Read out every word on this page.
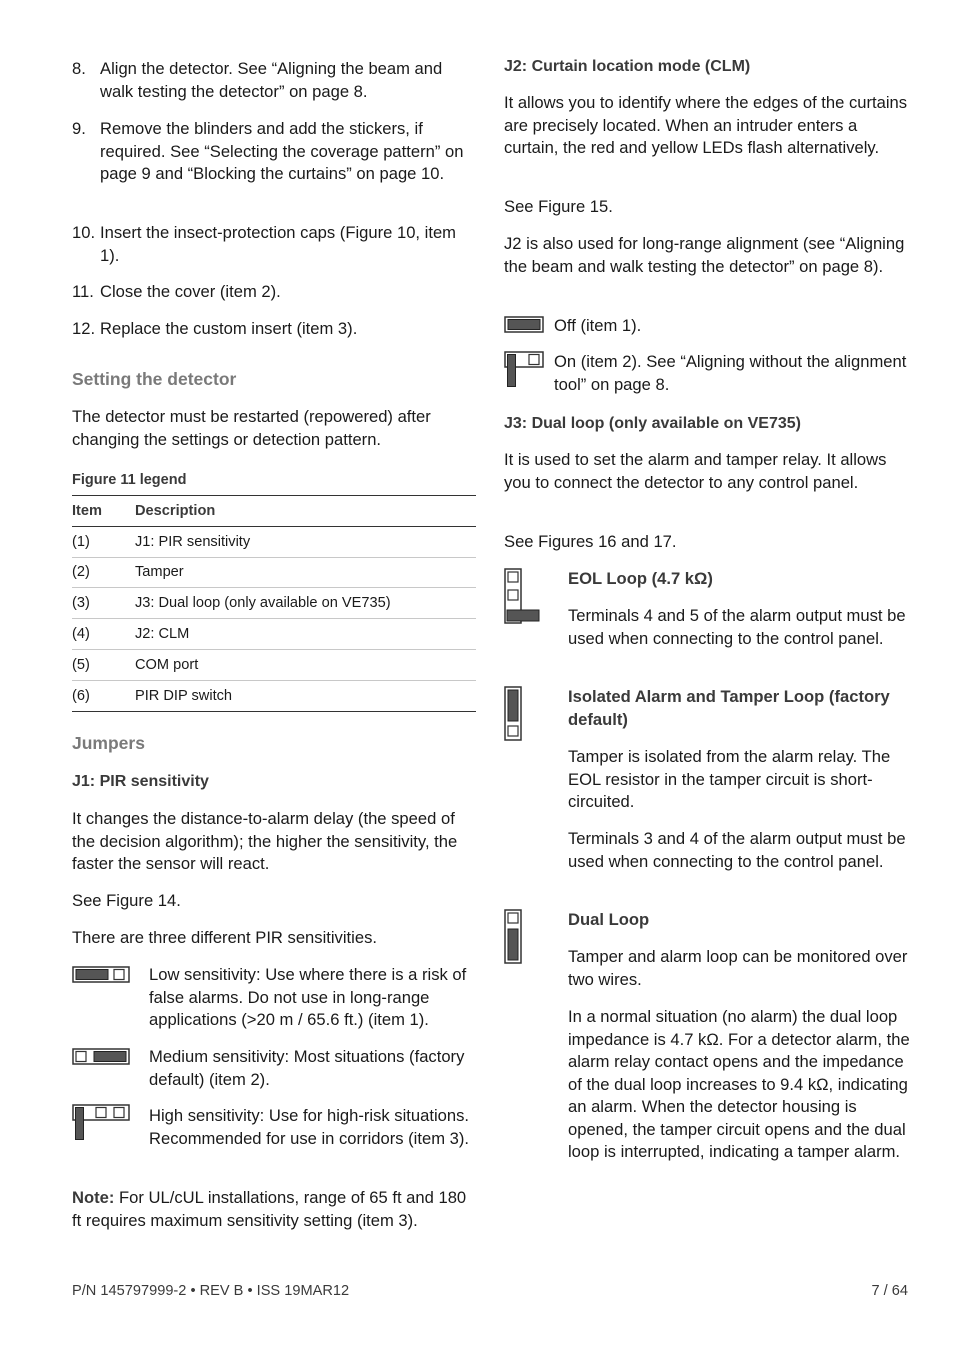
8. Align the detector. See “Aligning the beam and walk testing the detector” on page 8.
9. Remove the blinders and add the stickers, if required. See “Selecting the coverage pattern” on page 9 and “Blocking the curtains” on page 10.
10. Insert the insect-protection caps (Figure 10, item 1).
11. Close the cover (item 2).
12. Replace the custom insert (item 3).
Setting the detector

The detector must be restarted (repowered) after changing the settings or detection pattern.

Figure 11 legend
Item	Description
(1)	J1: PIR sensitivity
(2)	Tamper
(3)	J3: Dual loop (only available on VE735)
(4)	J2: CLM
(5)	COM port
(6)	PIR DIP switch
Jumpers
J1: PIR sensitivity

It changes the distance-to-alarm delay (the speed of the decision algorithm); the higher the sensitivity, the faster the sensor will react.

See Figure 14.

There are three different PIR sensitivities.

Low sensitivity: Use where there is a risk of false alarms. Do not use in long-range applications (>20 m / 65.6 ft.) (item 1).

Medium sensitivity: Most situations (factory default) (item 2).

High sensitivity: Use for high-risk situations. Recommended for use in corridors (item 3).

Note: For UL/cUL installations, range of 65 ft and 180 ft requires maximum sensitivity setting (item 3).

J2: Curtain location mode (CLM)

It allows you to identify where the edges of the curtains are precisely located. When an intruder enters a curtain, the red and yellow LEDs flash alternatively.

See Figure 15.

J2 is also used for long-range alignment (see “Aligning the beam and walk testing the detector” on page 8).

Off (item 1).

On (item 2). See “Aligning without the alignment tool” on page 8.

J3: Dual loop (only available on VE735)

It is used to set the alarm and tamper relay. It allows you to connect the detector to any control panel.

See Figures 16 and 17.

EOL Loop (4.7 kΩ)

Terminals 4 and 5 of the alarm output must be used when connecting to the control panel.

Isolated Alarm and Tamper Loop (factory default)

Tamper is isolated from the alarm relay. The EOL resistor in the tamper circuit is short-circuited.

Terminals 3 and 4 of the alarm output must be used when connecting to the control panel.

Dual Loop

Tamper and alarm loop can be monitored over two wires.

In a normal situation (no alarm) the dual loop impedance is 4.7 kΩ. For a detector alarm, the alarm relay contact opens and the impedance of the dual loop increases to 9.4 kΩ, indicating an alarm. When the detector housing is opened, the tamper circuit opens and the dual loop is interrupted, indicating a tamper alarm.

P/N 145797999-2 • REV B • ISS 19MAR12	7 / 64
